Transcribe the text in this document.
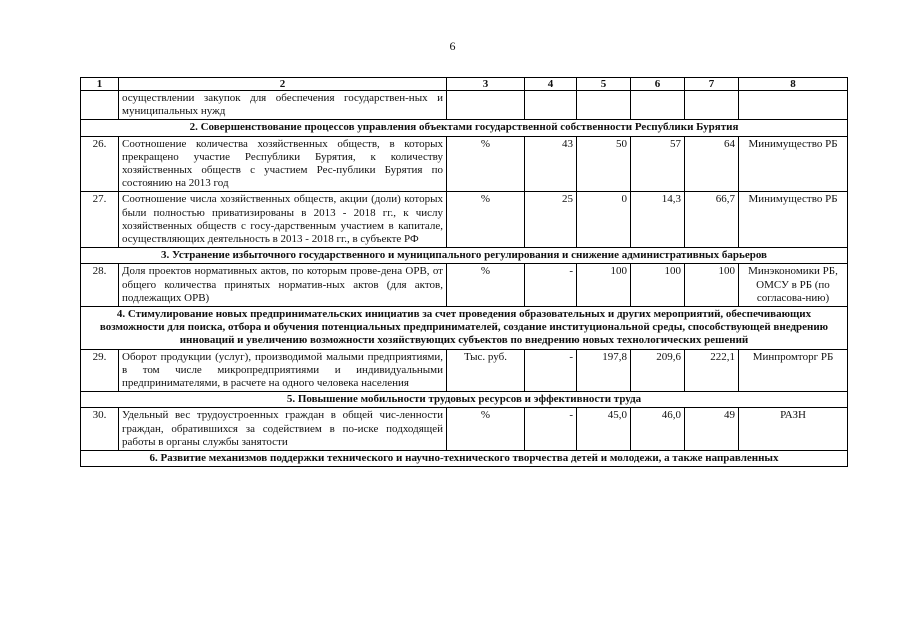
6
1	2	3	4	5	6	7	8
	осуществлении закупок для обеспечения государствен-ных и муниципальных нужд						
2. Совершенствование процессов управления объектами государственной собственности Республики Бурятия							
26.	Соотношение количества хозяйственных обществ, в которых прекращено участие Республики Бурятия, к количеству хозяйственных обществ с участием Рес-публики Бурятия по состоянию на 2013 год	%	43	50	57	64	Минимущество РБ
27.	Соотношение числа хозяйственных обществ, акции (доли) которых были полностью приватизированы в 2013 - 2018 гг., к числу хозяйственных обществ с госу-дарственным участием в капитале, осуществляющих деятельность в 2013 - 2018 гг., в субъекте РФ	%	25	0	14,3	66,7	Минимущество РБ
3. Устранение избыточного государственного и муниципального регулирования и снижение административных барьеров							
28.	Доля проектов нормативных актов, по которым прове-дена ОРВ, от общего количества принятых норматив-ных актов (для актов, подлежащих ОРВ)	%	-	100	100	100	Минэкономики РБ, ОМСУ в РБ (по согласова-нию)
4. Стимулирование новых предпринимательских инициатив за счет проведения образовательных и других мероприятий, обеспечивающих возможности для поиска, отбора и обучения потенциальных предпринимателей, создание институциональной среды, способствующей внедрению инноваций и увеличению возможности хозяйствующих субъектов по внедрению новых технологических решений							
29.	Оборот продукции (услуг), производимой малыми предприятиями, в том числе микропредприятиями и индивидуальными предпринимателями, в расчете на одного человека населения	Тыс. руб.	-	197,8	209,6	222,1	Минпромторг РБ
5. Повышение мобильности трудовых ресурсов и эффективности труда							
30.	Удельный вес трудоустроенных граждан в общей чис-ленности граждан, обратившихся за содействием в по-иске подходящей работы в органы службы занятости	%	-	45,0	46,0	49	РАЗН
6. Развитие механизмов поддержки технического и научно-технического творчества детей и молодежи, а также направленных							
